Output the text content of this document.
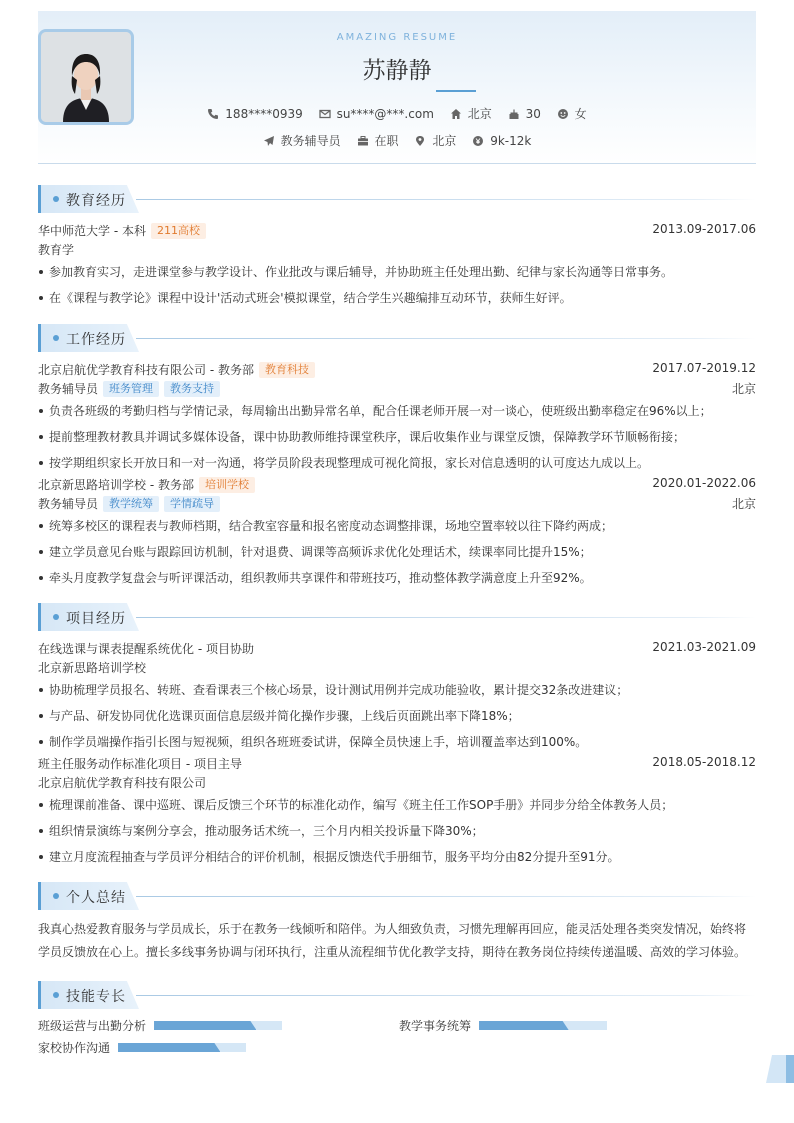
AMAZING RESUME
苏静静
188****0939	su****@***.com	北京	30	女
教务辅导员	在职	北京	9k-12k
教育经历
华中师范大学 - 本科 211高校	2013.09-2017.06
教育学
参加教育实习，走进课堂参与教学设计、作业批改与课后辅导，并协助班主任处理出勤、纪律与家长沟通等日常事务。
在《课程与教学论》课程中设计'活动式班会'模拟课堂，结合学生兴趣编排互动环节，获师生好评。
工作经历
北京启航优学教育科技有限公司 - 教务部 教育科技	2017.07-2019.12
教务辅导员 班务管理 教务支持	北京
负责各班级的考勤归档与学情记录，每周输出出勤异常名单，配合任课老师开展一对一谈心，使班级出勤率稳定在96%以上；
提前整理教材教具并调试多媒体设备，课中协助教师维持课堂秩序，课后收集作业与课堂反馈，保障教学环节顺畅衔接；
按学期组织家长开放日和一对一沟通，将学员阶段表现整理成可视化简报，家长对信息透明的认可度达九成以上。
北京新思路培训学校 - 教务部 培训学校	2020.01-2022.06
教务辅导员 教学统筹 学情疏导	北京
统筹多校区的课程表与教师档期，结合教室容量和报名密度动态调整排课，场地空置率较以往下降约两成；
建立学员意见台账与跟踪回访机制，针对退费、调课等高频诉求优化处理话术，续课率同比提升15%；
牵头月度教学复盘会与听评课活动，组织教师共享课件和带班技巧，推动整体教学满意度上升至92%。
项目经历
在线选课与课表提醒系统优化 - 项目协助	2021.03-2021.09
北京新思路培训学校
协助梳理学员报名、转班、查看课表三个核心场景，设计测试用例并完成功能验收，累计提交32条改进建议；
与产品、研发协同优化选课页面信息层级并简化操作步骤，上线后页面跳出率下降18%；
制作学员端操作指引长图与短视频，组织各班班委试讲，保障全员快速上手，培训覆盖率达到100%。
班主任服务动作标准化项目 - 项目主导	2018.05-2018.12
北京启航优学教育科技有限公司
梳理课前准备、课中巡班、课后反馈三个环节的标准化动作，编写《班主任工作SOP手册》并同步分给全体教务人员；
组织情景演练与案例分享会，推动服务话术统一，三个月内相关投诉量下降30%；
建立月度流程抽查与学员评分相结合的评价机制，根据反馈迭代手册细节，服务平均分由82分提升至91分。
个人总结
我真心热爱教育服务与学员成长，乐于在教务一线倾听和陪伴。为人细致负责，习惯先理解再回应，能灵活处理各类突发情况，始终将学员反馈放在心上。擅长多线事务协调与闭环执行，注重从流程细节优化教学支持，期待在教务岗位持续传递温暖、高效的学习体验。
技能专长
班级运营与出勤分析	教学事务统筹
家校协作沟通
